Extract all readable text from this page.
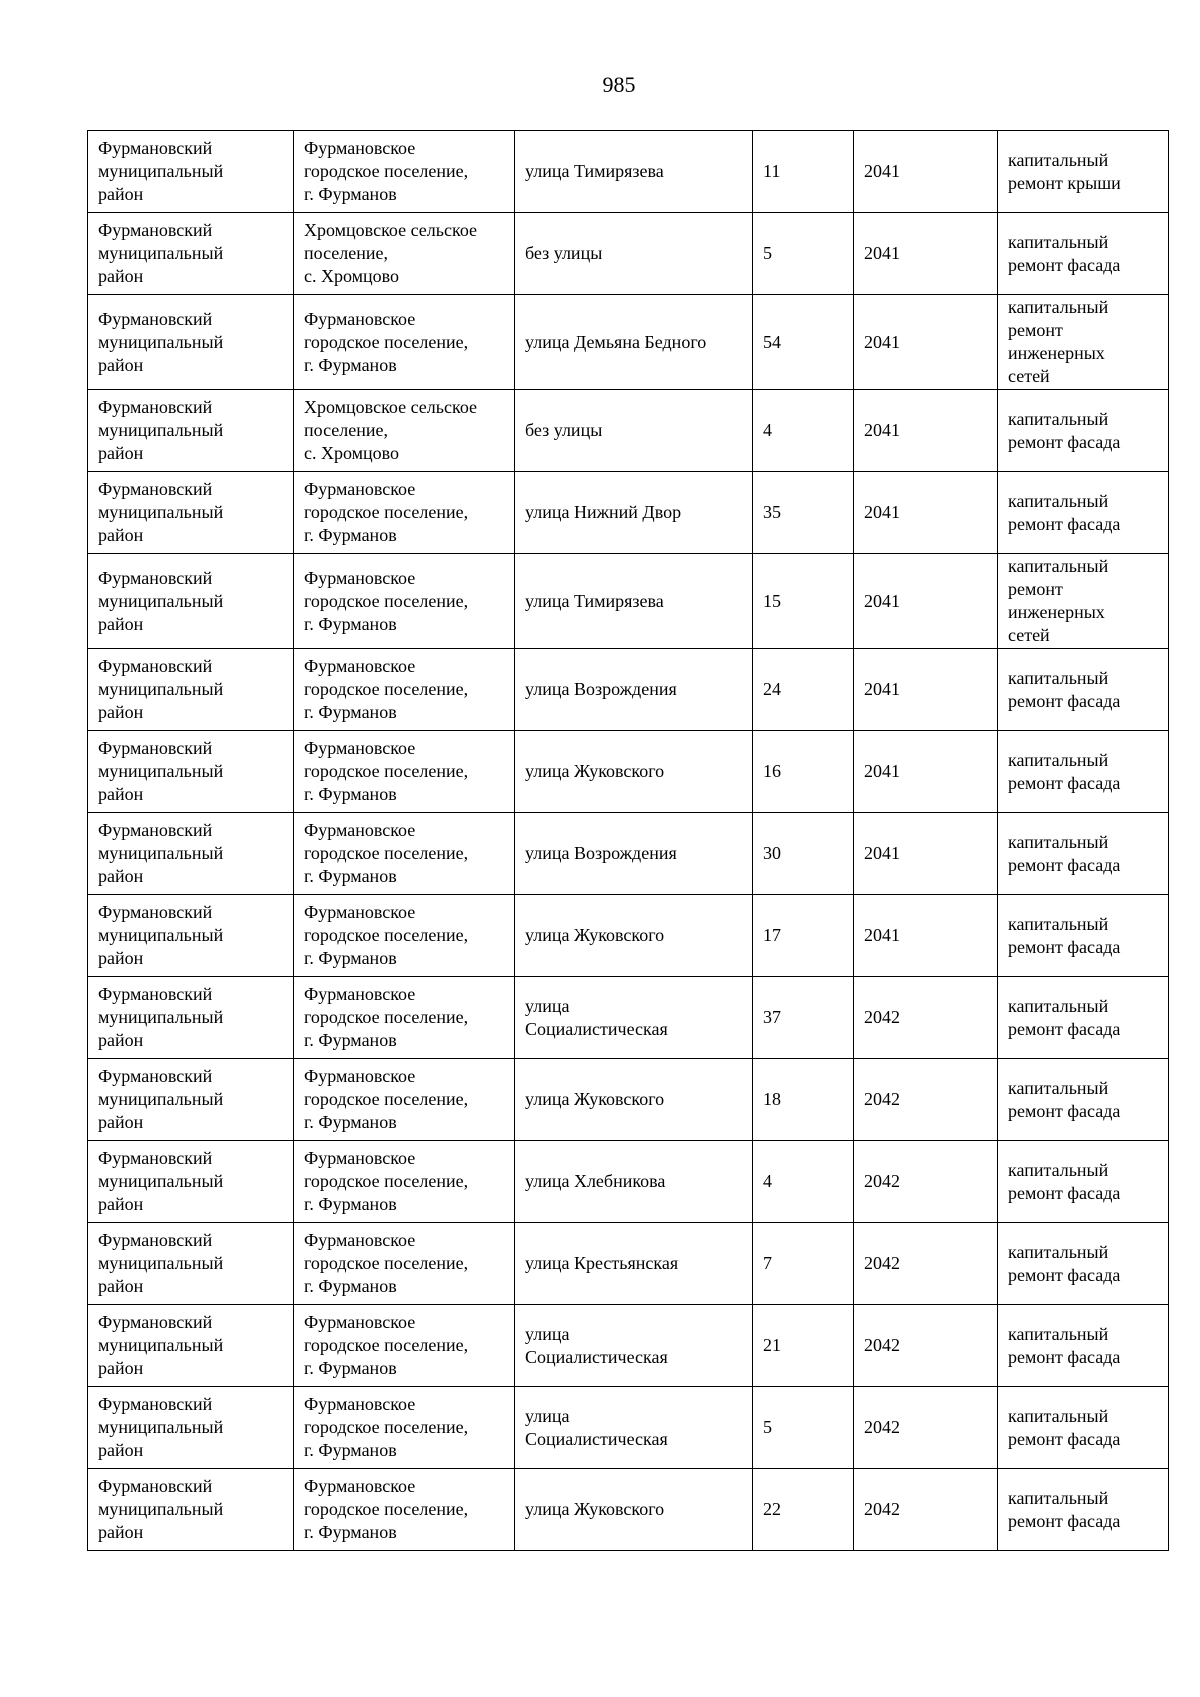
985
Фурмановский
муниципальный
район	Фурмановское
городское поселение,
г. Фурманов	улица Тимирязева	11	2041	капитальный
ремонт крыши
Фурмановский
муниципальный
район	Хромцовское сельское
поселение,
с. Хромцово	без улицы	5	2041	капитальный
ремонт фасада
Фурмановский
муниципальный
район	Фурмановское
городское поселение,
г. Фурманов	улица Демьяна Бедного	54	2041	капитальный
ремонт
инженерных
сетей
Фурмановский
муниципальный
район	Хромцовское сельское
поселение,
с. Хромцово	без улицы	4	2041	капитальный
ремонт фасада
Фурмановский
муниципальный
район	Фурмановское
городское поселение,
г. Фурманов	улица Нижний Двор	35	2041	капитальный
ремонт фасада
Фурмановский
муниципальный
район	Фурмановское
городское поселение,
г. Фурманов	улица Тимирязева	15	2041	капитальный
ремонт
инженерных
сетей
Фурмановский
муниципальный
район	Фурмановское
городское поселение,
г. Фурманов	улица Возрождения	24	2041	капитальный
ремонт фасада
Фурмановский
муниципальный
район	Фурмановское
городское поселение,
г. Фурманов	улица Жуковского	16	2041	капитальный
ремонт фасада
Фурмановский
муниципальный
район	Фурмановское
городское поселение,
г. Фурманов	улица Возрождения	30	2041	капитальный
ремонт фасада
Фурмановский
муниципальный
район	Фурмановское
городское поселение,
г. Фурманов	улица Жуковского	17	2041	капитальный
ремонт фасада
Фурмановский
муниципальный
район	Фурмановское
городское поселение,
г. Фурманов	улица
Социалистическая	37	2042	капитальный
ремонт фасада
Фурмановский
муниципальный
район	Фурмановское
городское поселение,
г. Фурманов	улица Жуковского	18	2042	капитальный
ремонт фасада
Фурмановский
муниципальный
район	Фурмановское
городское поселение,
г. Фурманов	улица Хлебникова	4	2042	капитальный
ремонт фасада
Фурмановский
муниципальный
район	Фурмановское
городское поселение,
г. Фурманов	улица Крестьянская	7	2042	капитальный
ремонт фасада
Фурмановский
муниципальный
район	Фурмановское
городское поселение,
г. Фурманов	улица
Социалистическая	21	2042	капитальный
ремонт фасада
Фурмановский
муниципальный
район	Фурмановское
городское поселение,
г. Фурманов	улица
Социалистическая	5	2042	капитальный
ремонт фасада
Фурмановский
муниципальный
район	Фурмановское
городское поселение,
г. Фурманов	улица Жуковского	22	2042	капитальный
ремонт фасада
